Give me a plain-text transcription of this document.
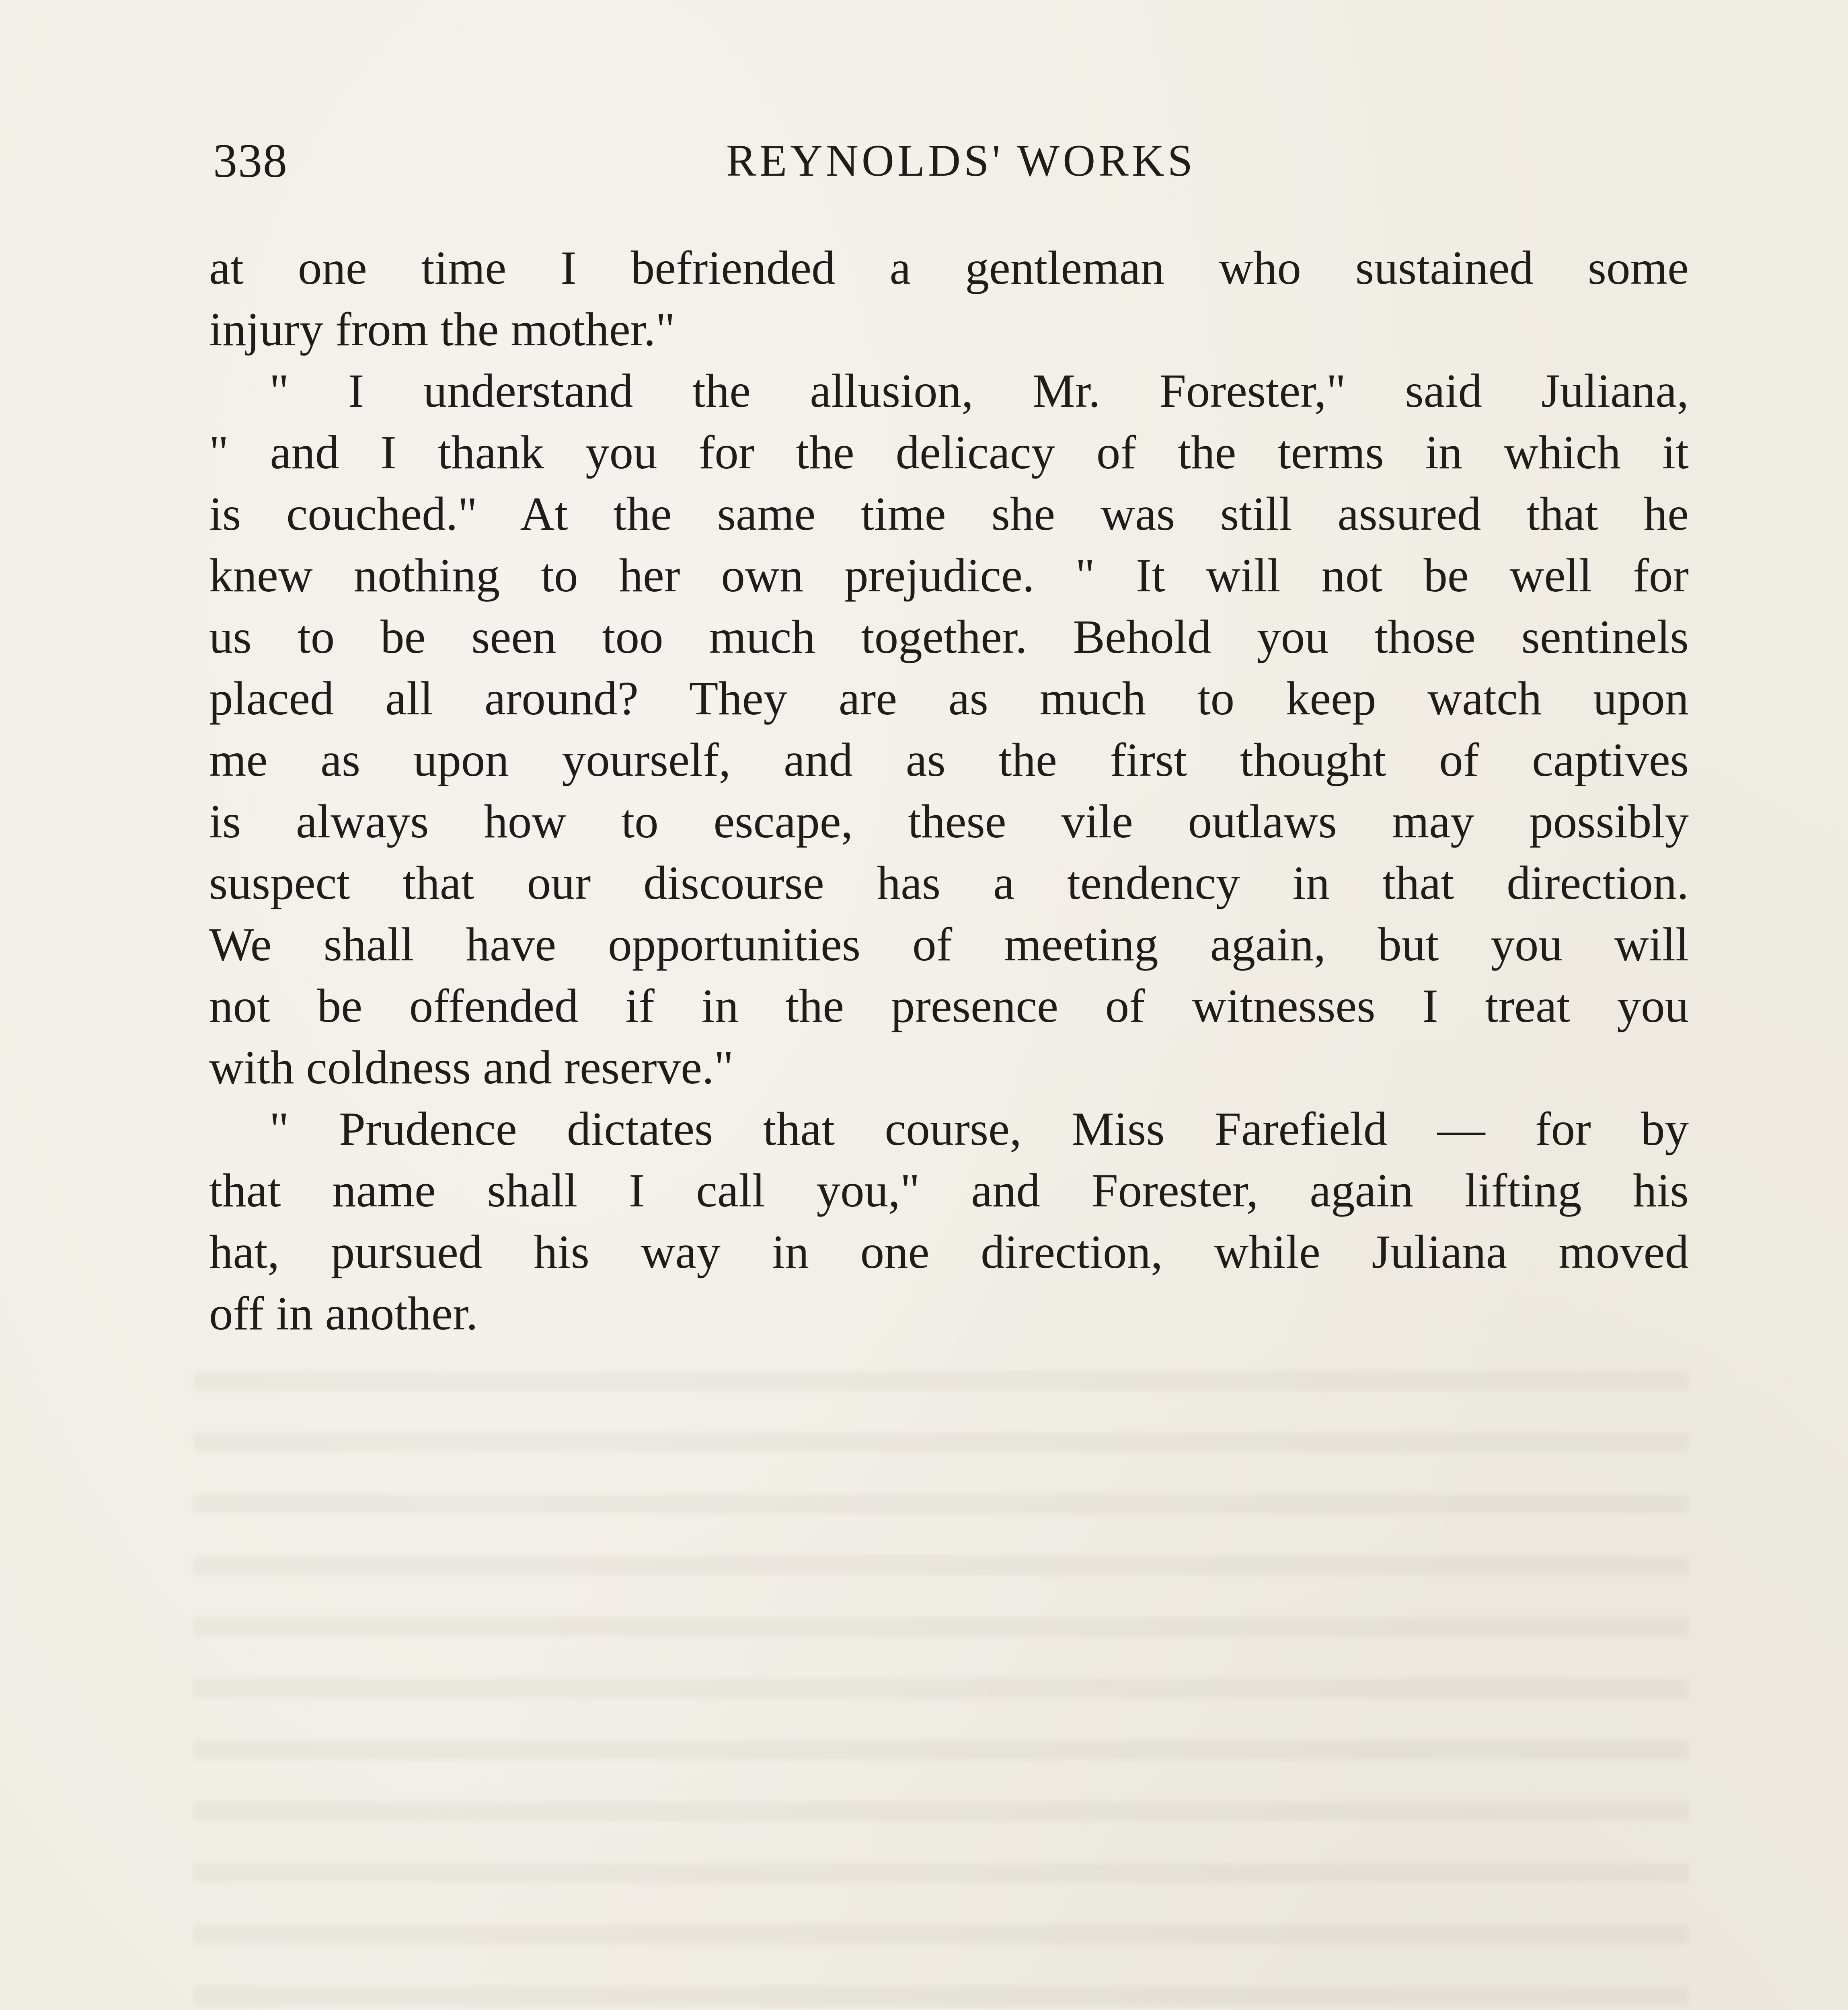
338	REYNOLDS' WORKS
at one time I befriended a gentleman who sustained some
injury from the mother."
" I understand the allusion, Mr. Forester," said Juliana,
" and I thank you for the delicacy of the terms in which it
is couched." At the same time she was still assured that he
knew nothing to her own prejudice. " It will not be well for
us to be seen too much together. Behold you those sentinels
placed all around? They are as much to keep watch upon
me as upon yourself, and as the first thought of captives
is always how to escape, these vile outlaws may possibly
suspect that our discourse has a tendency in that direction.
We shall have opportunities of meeting again, but you will
not be offended if in the presence of witnesses I treat you
with coldness and reserve."
" Prudence dictates that course, Miss Farefield — for by
that name shall I call you," and Forester, again lifting his
hat, pursued his way in one direction, while Juliana moved
off in another.
